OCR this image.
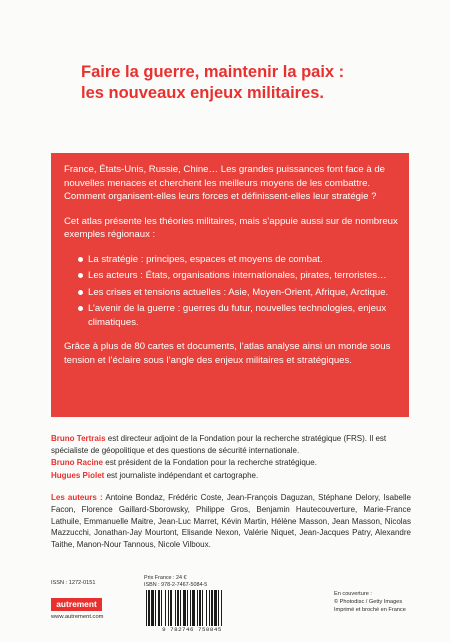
Faire la guerre, maintenir la paix :
les nouveaux enjeux militaires.

France, États-Unis, Russie, Chine… Les grandes puissances font face à de nouvelles menaces et cherchent les meilleurs moyens de les combattre. Comment organisent-elles leurs forces et définissent-elles leur stratégie ?

Cet atlas présente les théories militaires, mais s’appuie aussi sur de nombreux exemples régionaux :

La stratégie : principes, espaces et moyens de combat.
Les acteurs : États, organisations internationales, pirates, terroristes…
Les crises et tensions actuelles : Asie, Moyen-Orient, Afrique, Arctique.
L’avenir de la guerre : guerres du futur, nouvelles technologies, enjeux climatiques.

Grâce à plus de 80 cartes et documents, l’atlas analyse ainsi un monde sous tension et l’éclaire sous l’angle des enjeux militaires et stratégiques.

Bruno Tertrais est directeur adjoint de la Fondation pour la recherche stratégique (FRS). Il est spécialiste de géopolitique et des questions de sécurité internationale.
Bruno Racine est président de la Fondation pour la recherche stratégique.
Hugues Piolet est journaliste indépendant et cartographe.
Les auteurs : Antoine Bondaz, Frédéric Coste, Jean-François Daguzan, Stéphane Delory, Isabelle Facon, Florence Gaillard-Sborowsky, Philippe Gros, Benjamin Hautecouverture, Marie-France Lathuile, Emmanuelle Maitre, Jean-Luc Marret, Kévin Martin, Hélène Masson, Jean Masson, Nicolas Mazzucchi, Jonathan-Jay Mourtont, Elisande Nexon, Valérie Niquet, Jean-Jacques Patry, Alexandre Taithe, Manon-Nour Tannous, Nicole Vilboux.
ISSN : 1272-0151
autrement
www.autrement.com
Prix France : 24 €
ISBN : 978-2-7467-5084-5
9 782746 750845
En couverture :
© Photodisc / Getty Images
Imprimé et broché en France
